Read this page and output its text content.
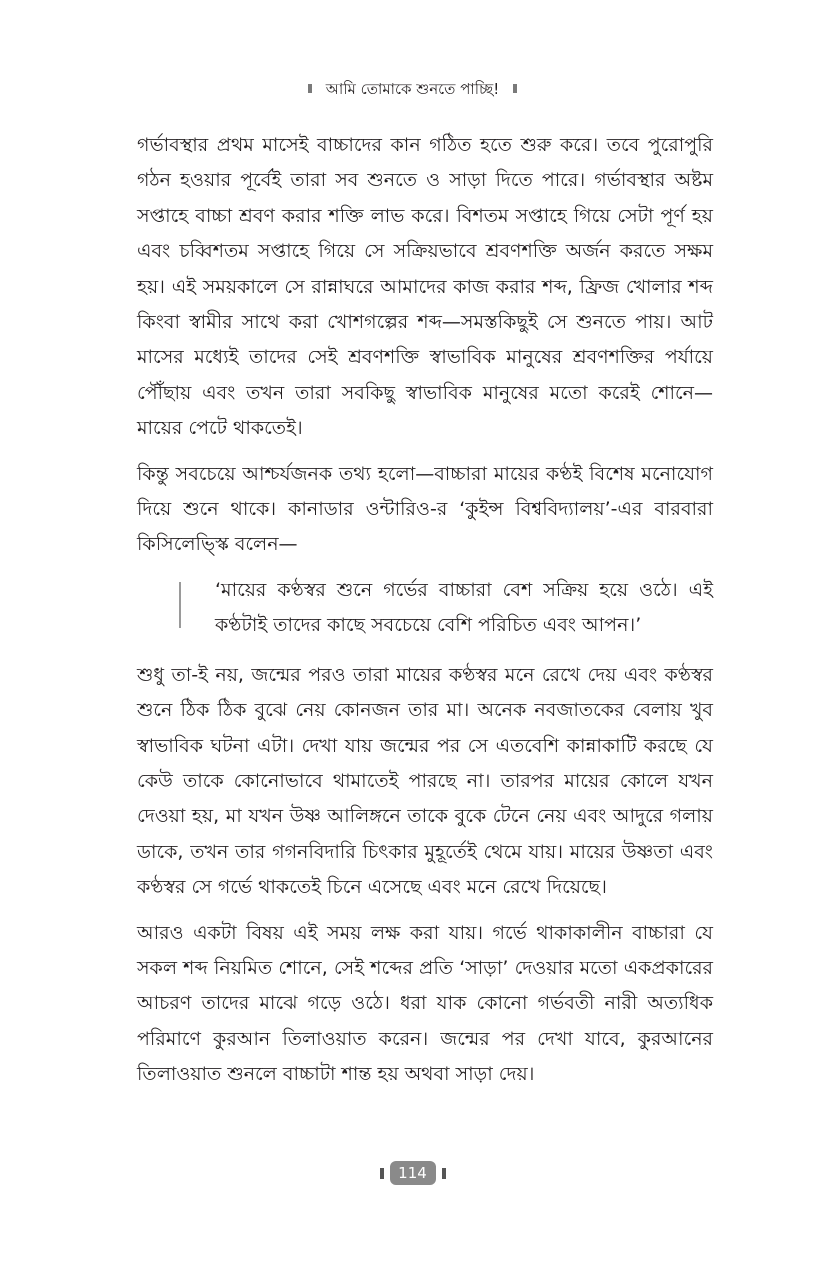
আমি তোমাকে শুনতে পাচ্ছি!

গর্ভাবস্থার প্রথম মাসেই বাচ্চাদের কান গঠিত হতে শুরু করে। তবে পুরোপুরি গঠন হওয়ার পূর্বেই তারা সব শুনতে ও সাড়া দিতে পারে। গর্ভাবস্থার অষ্টম সপ্তাহে বাচ্চা শ্রবণ করার শক্তি লাভ করে। বিশতম সপ্তাহে গিয়ে সেটা পূর্ণ হয় এবং চব্বিশতম সপ্তাহে গিয়ে সে সক্রিয়ভাবে শ্রবণশক্তি অর্জন করতে সক্ষম হয়। এই সময়কালে সে রান্নাঘরে আমাদের কাজ করার শব্দ, ফ্রিজ খোলার শব্দ কিংবা স্বামীর সাথে করা খোশগল্পের শব্দ—সমস্তকিছুই সে শুনতে পায়। আট মাসের মধ্যেই তাদের সেই শ্রবণশক্তি স্বাভাবিক মানুষের শ্রবণশক্তির পর্যায়ে পৌঁছায় এবং তখন তারা সবকিছু স্বাভাবিক মানুষের মতো করেই শোনে—মায়ের পেটে থাকতেই।

কিন্তু সবচেয়ে আশ্চর্যজনক তথ্য হলো—বাচ্চারা মায়ের কণ্ঠই বিশেষ মনোযোগ দিয়ে শুনে থাকে। কানাডার ওন্টারিও-র ‘কুইন্স বিশ্ববিদ্যালয়’-এর বারবারা কিসিলেভ্স্কি বলেন—

‘মায়ের কণ্ঠস্বর শুনে গর্ভের বাচ্চারা বেশ সক্রিয় হয়ে ওঠে। এই কণ্ঠটাই তাদের কাছে সবচেয়ে বেশি পরিচিত এবং আপন।’

শুধু তা-ই নয়, জন্মের পরও তারা মায়ের কণ্ঠস্বর মনে রেখে দেয় এবং কণ্ঠস্বর শুনে ঠিক ঠিক বুঝে নেয় কোনজন তার মা। অনেক নবজাতকের বেলায় খুব স্বাভাবিক ঘটনা এটা। দেখা যায় জন্মের পর সে এতবেশি কান্নাকাটি করছে যে কেউ তাকে কোনোভাবে থামাতেই পারছে না। তারপর মায়ের কোলে যখন দেওয়া হয়, মা যখন উষ্ণ আলিঙ্গনে তাকে বুকে টেনে নেয় এবং আদুরে গলায় ডাকে, তখন তার গগনবিদারি চিৎকার মুহূর্তেই থেমে যায়। মায়ের উষ্ণতা এবং কণ্ঠস্বর সে গর্ভে থাকতেই চিনে এসেছে এবং মনে রেখে দিয়েছে।

আরও একটা বিষয় এই সময় লক্ষ করা যায়। গর্ভে থাকাকালীন বাচ্চারা যে সকল শব্দ নিয়মিত শোনে, সেই শব্দের প্রতি ‘সাড়া’ দেওয়ার মতো একপ্রকারের আচরণ তাদের মাঝে গড়ে ওঠে। ধরা যাক কোনো গর্ভবতী নারী অত্যধিক পরিমাণে কুরআন তিলাওয়াত করেন। জন্মের পর দেখা যাবে, কুরআনের তিলাওয়াত শুনলে বাচ্চাটা শান্ত হয় অথবা সাড়া দেয়।

114
